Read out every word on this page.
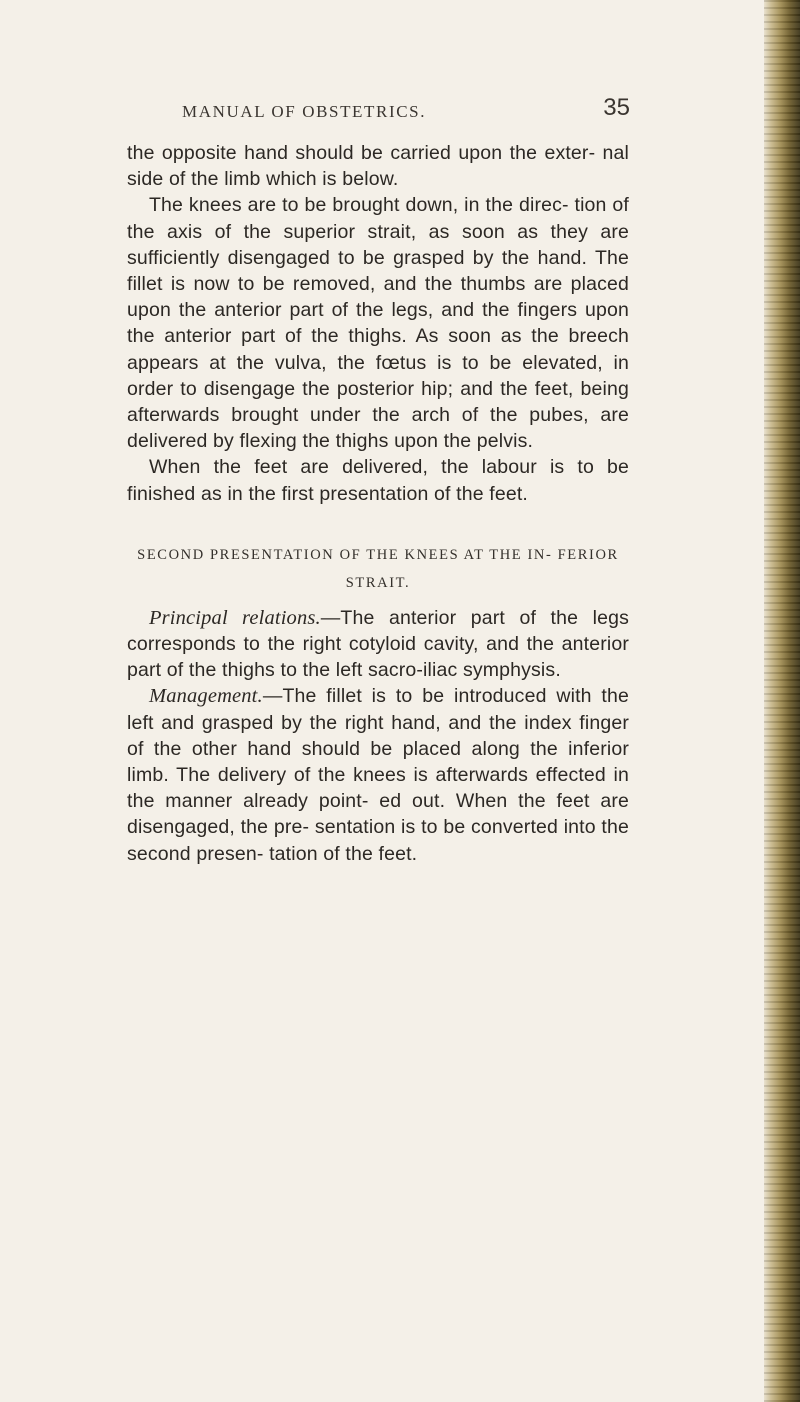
MANUAL OF OBSTETRICS.	35

the opposite hand should be carried upon the exter- nal side of the limb which is below.

The knees are to be brought down, in the direc- tion of the axis of the superior strait, as soon as they are sufficiently disengaged to be grasped by the hand. The fillet is now to be removed, and the thumbs are placed upon the anterior part of the legs, and the fingers upon the anterior part of the thighs. As soon as the breech appears at the vulva, the fœtus is to be elevated, in order to disengage the posterior hip; and the feet, being afterwards brought under the arch of the pubes, are delivered by flexing the thighs upon the pelvis.

When the feet are delivered, the labour is to be finished as in the first presentation of the feet.

SECOND PRESENTATION OF THE KNEES AT THE IN- FERIOR STRAIT.

Principal relations.—The anterior part of the legs corresponds to the right cotyloid cavity, and the anterior part of the thighs to the left sacro-iliac symphysis.

Management.—The fillet is to be introduced with the left and grasped by the right hand, and the index finger of the other hand should be placed along the inferior limb. The delivery of the knees is afterwards effected in the manner already point- ed out. When the feet are disengaged, the pre- sentation is to be converted into the second presen- tation of the feet.
